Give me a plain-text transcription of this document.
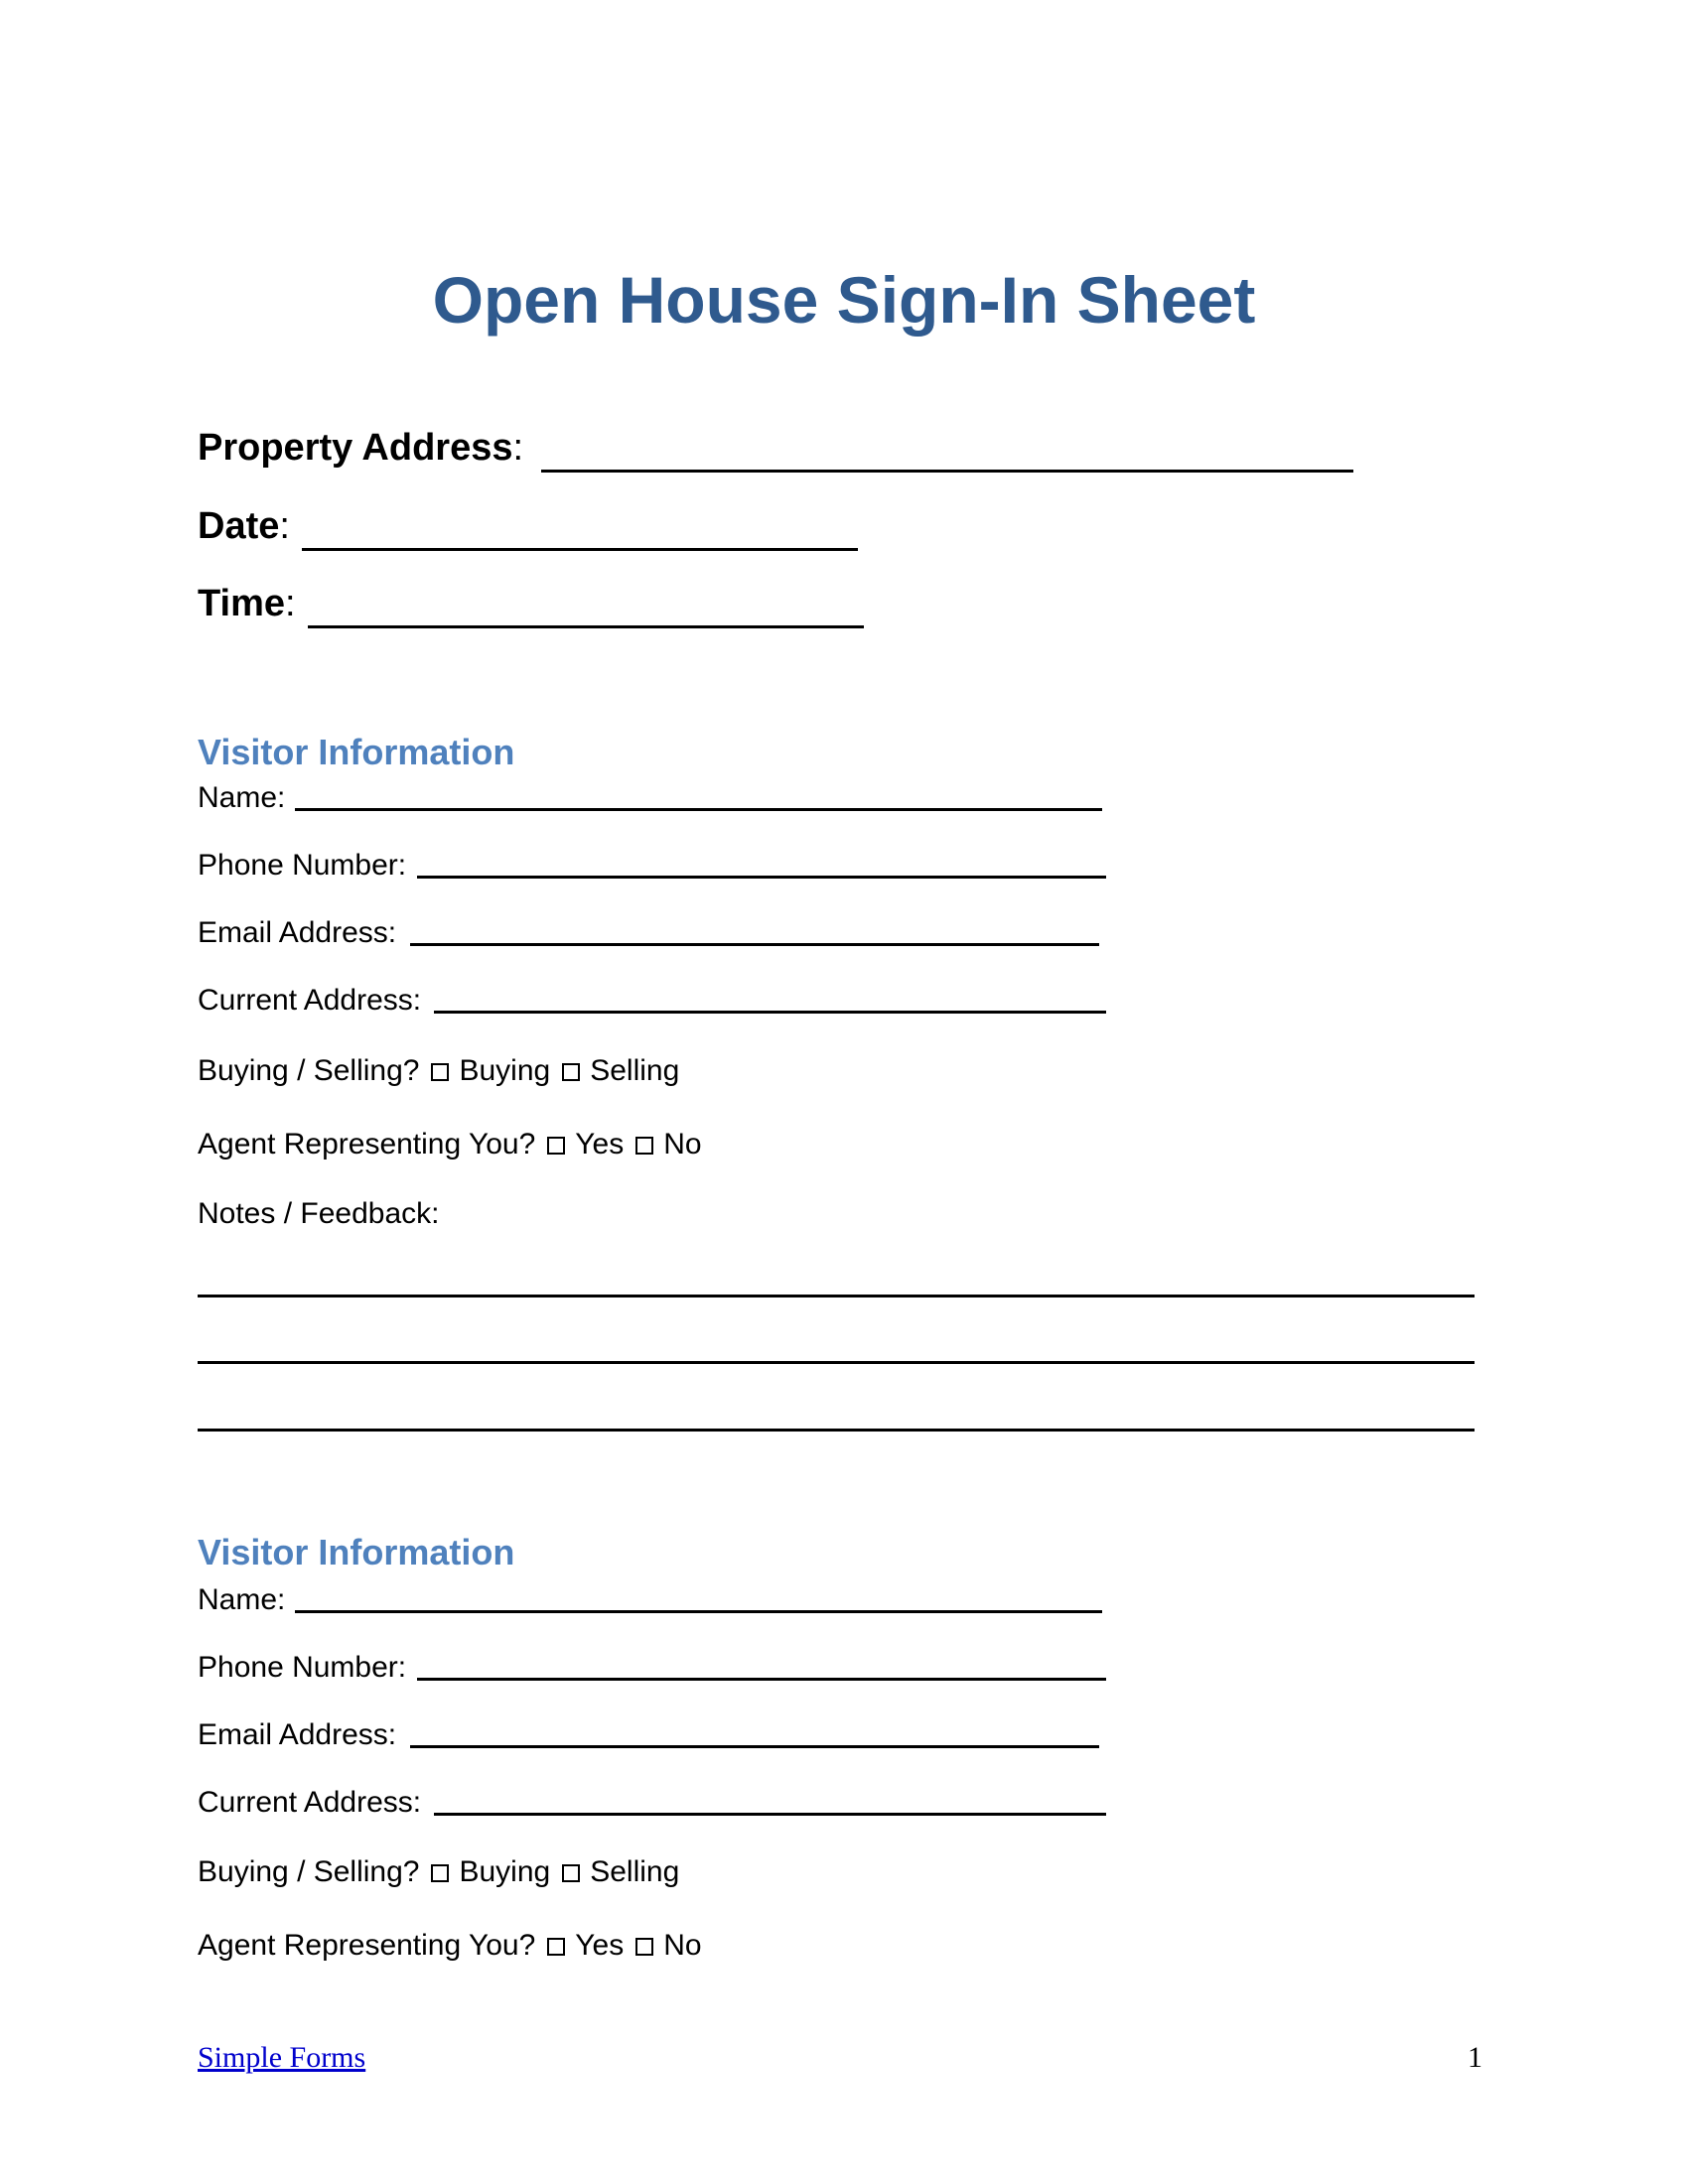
Open House Sign-In Sheet
Property Address:
Date:
Time:
Visitor Information
Name:
Phone Number:
Email Address:
Current Address:
Buying / Selling? Buying Selling
Agent Representing You? Yes No
Notes / Feedback:
Visitor Information
Name:
Phone Number:
Email Address:
Current Address:
Buying / Selling? Buying Selling
Agent Representing You? Yes No
Simple Forms	1
